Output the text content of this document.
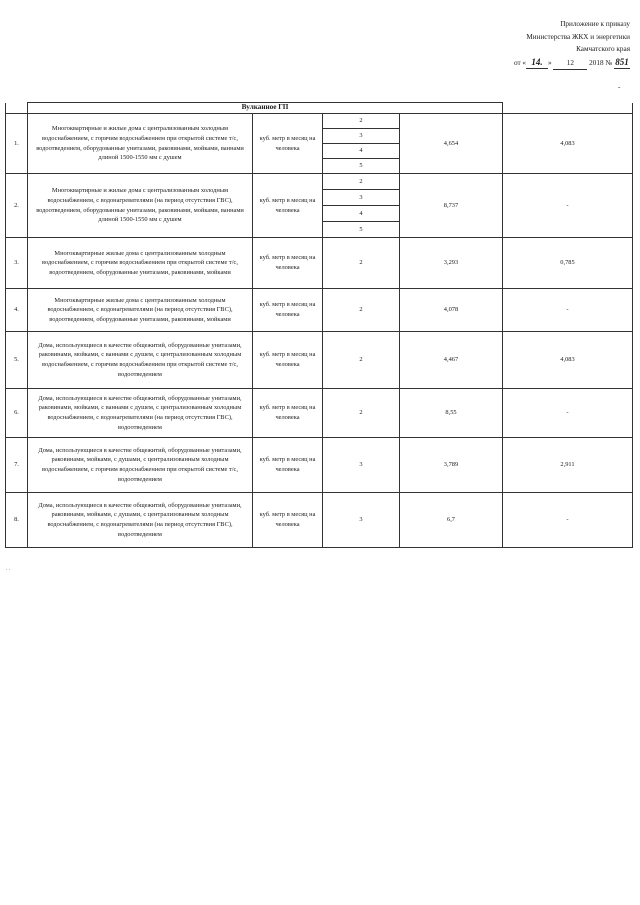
Приложение к приказу
Министерства ЖКХ и энергетики
Камчатского края
от « 14. » 12 2018 № 851
-
	Вулканное ГП				
1.	Многоквартирные и жилые дома с централизованным холодным водоснабжением, с горячим водоснабжением при открытой системе т/с, водоотведением, оборудованные унитазами, раковинами, мойками, ваннами длиной 1500-1550 мм с душем	куб. метр в месяц на человека	2	4,654	4,083
			3		
			4		
			5		
2.	Многоквартирные и жилые дома с централизованным холодным водоснабжением, с водонагревателями (на период отсутствия ГВС), водоотведением, оборудованные унитазами, раковинами, мойками, ваннами длиной 1500-1550 мм с душем	куб. метр в месяц на человека	2	8,737	-
			3		
			4		
			5		
3.	Многоквартирные жилые дома с централизованным холодным водоснабжением, с горячим водоснабжением при открытой системе т/с, водоотведением, оборудованные унитазами, раковинами, мойками	куб. метр в месяц на человека	2	3,293	0,785
4.	Многоквартирные жилые дома с централизованным холодным водоснабжением, с водонагревателями (на период отсутствия ГВС), водоотведением, оборудованные унитазами, раковинами, мойками	куб. метр в месяц на человека	2	4,078	-
5.	Дома, использующиеся в качестве общежитий, оборудованные унитазами, раковинами, мойками, с ваннами с душем, с централизованным холодным водоснабжением, с горячим водоснабжением при открытой системе т/с, водоотведением	куб. метр в месяц на человека	2	4,467	4,083
6.	Дома, использующиеся в качестве общежитий, оборудованные унитазами, раковинами, мойками, с ваннами с душем, с централизованным холодным водоснабжением, с водонагревателями (на период отсутствия ГВС), водоотведением	куб. метр в месяц на человека	2	8,55	-
7.	Дома, использующиеся в качестве общежитий, оборудованные унитазами, раковинами, мойками, с душами, с централизованным холодным водоснабжением, с горячим водоснабжением при открытой системе т/с, водоотведением	куб. метр в месяц на человека	3	3,789	2,911
8.	Дома, использующиеся в качестве общежитий, оборудованные унитазами, раковинами, мойками, с душами, с централизованным холодным водоснабжением, с водонагревателями (на период отсутствия ГВС), водоотведением	куб. метр в месяц на человека	3	6,7	-
. .
